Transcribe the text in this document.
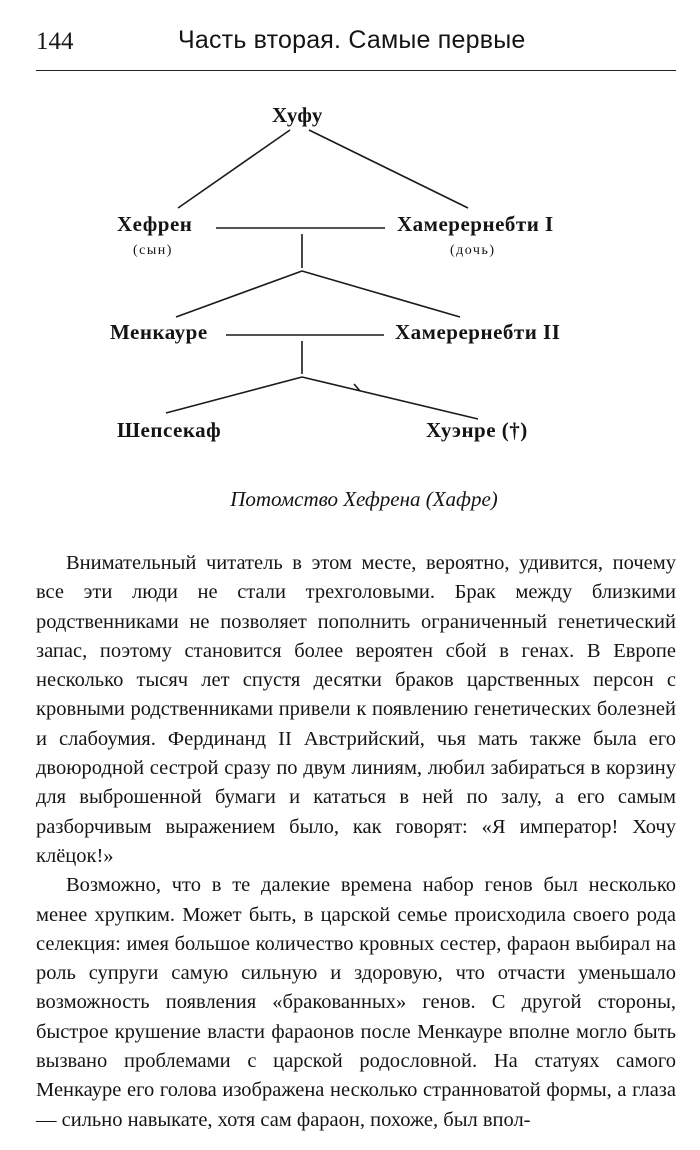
144	Часть вторая. Самые первые
Хуфу
Хефрен
(сын)
Хамерернебти I
(дочь)
Менкауре	Хамерернебти II
Шепсекаф	Хуэнре (†)
Потомство Хефрена (Хафре)

Внимательный читатель в этом месте, вероятно, удивится, почему все эти люди не стали трехголовыми. Брак между близкими родственниками не позволяет пополнить ограниченный генетический запас, поэтому становится более вероятен сбой в генах. В Европе несколько тысяч лет спустя десятки браков царственных персон с кровными родственниками привели к появлению генетических болезней и слабоумия. Фердинанд II Австрийский, чья мать также была его двоюродной сестрой сразу по двум линиям, любил забираться в корзину для выброшенной бумаги и кататься в ней по залу, а его самым разборчивым выражением было, как говорят: «Я император! Хочу клёцок!»

Возможно, что в те далекие времена набор генов был несколько менее хрупким. Может быть, в царской семье происходила своего рода селекция: имея большое количество кровных сестер, фараон выбирал на роль супруги самую сильную и здоровую, что отчасти уменьшало возможность появления «бракованных» генов. С другой стороны, быстрое крушение власти фараонов после Менкауре вполне могло быть вызвано проблемами с царской родословной. На статуях самого Менкауре его голова изображена несколько странноватой формы, а глаза — сильно навыкате, хотя сам фараон, похоже, был впол-
